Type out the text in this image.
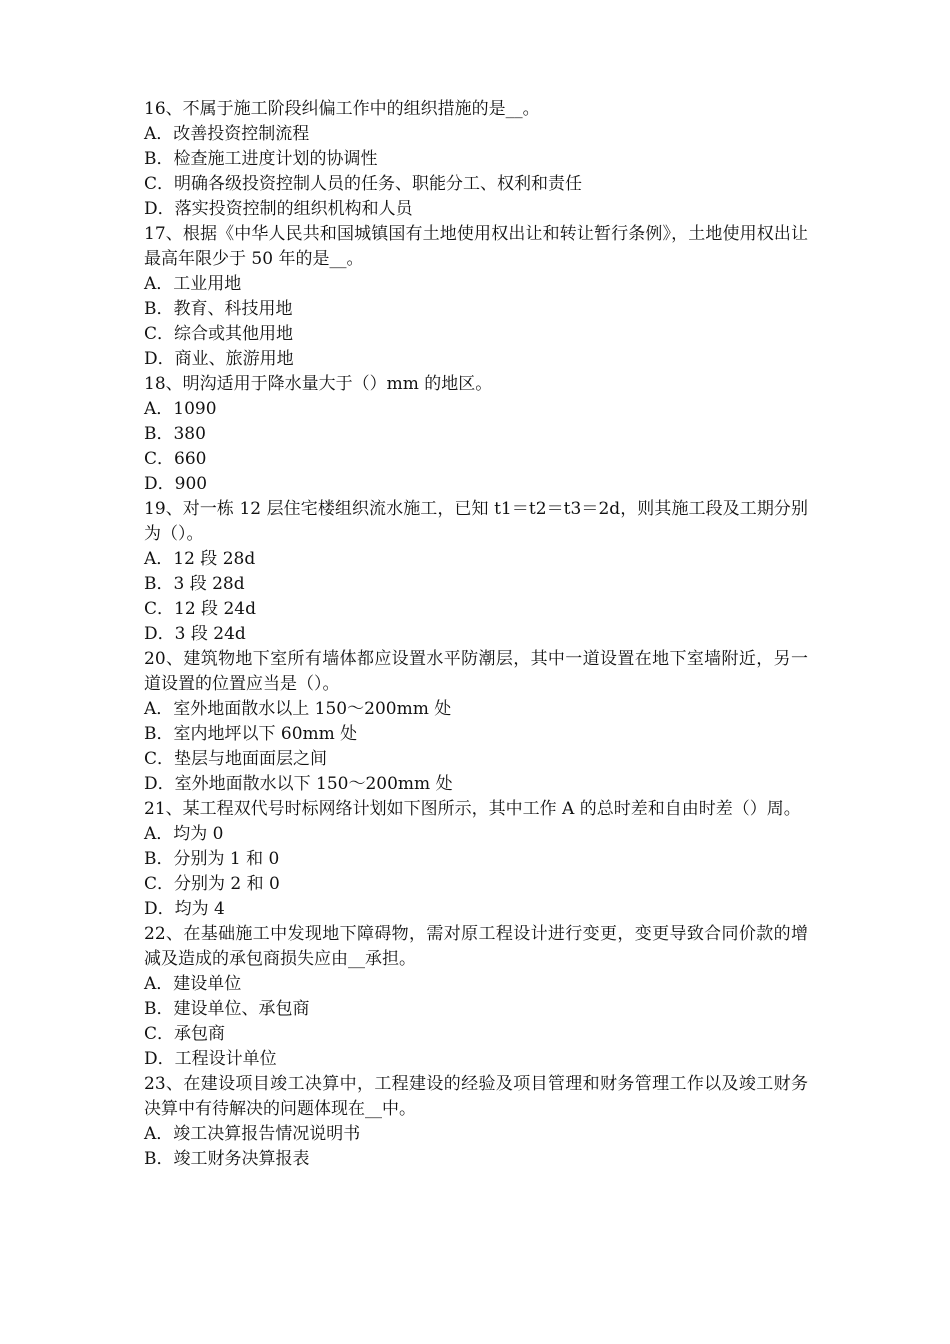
16、不属于施工阶段纠偏工作中的组织措施的是__。

A．改善投资控制流程

B．检查施工进度计划的协调性

C．明确各级投资控制人员的任务、职能分工、权利和责任

D．落实投资控制的组织机构和人员

17、根据《中华人民共和国城镇国有土地使用权出让和转让暂行条例》，土地使用权出让最高年限少于 50 年的是__。

A．工业用地

B．教育、科技用地

C．综合或其他用地

D．商业、旅游用地

18、明沟适用于降水量大于（）mm 的地区。

A．1090

B．380

C．660

D．900

19、对一栋 12 层住宅楼组织流水施工，已知 t1＝t2＝t3＝2d，则其施工段及工期分别为（）。

A．12 段 28d

B．3 段 28d

C．12 段 24d

D．3 段 24d

20、建筑物地下室所有墙体都应设置水平防潮层，其中一道设置在地下室墙附近，另一道设置的位置应当是（）。

A．室外地面散水以上 150～200mm 处

B．室内地坪以下 60mm 处

C．垫层与地面面层之间

D．室外地面散水以下 150～200mm 处

21、某工程双代号时标网络计划如下图所示，其中工作 A 的总时差和自由时差（）周。

A．均为 0

B．分别为 1 和 0

C．分别为 2 和 0

D．均为 4

22、在基础施工中发现地下障碍物，需对原工程设计进行变更，变更导致合同价款的增减及造成的承包商损失应由__承担。

A．建设单位

B．建设单位、承包商

C．承包商

D．工程设计单位

23、在建设项目竣工决算中，工程建设的经验及项目管理和财务管理工作以及竣工财务决算中有待解决的问题体现在__中。

A．竣工决算报告情况说明书

B．竣工财务决算报表
